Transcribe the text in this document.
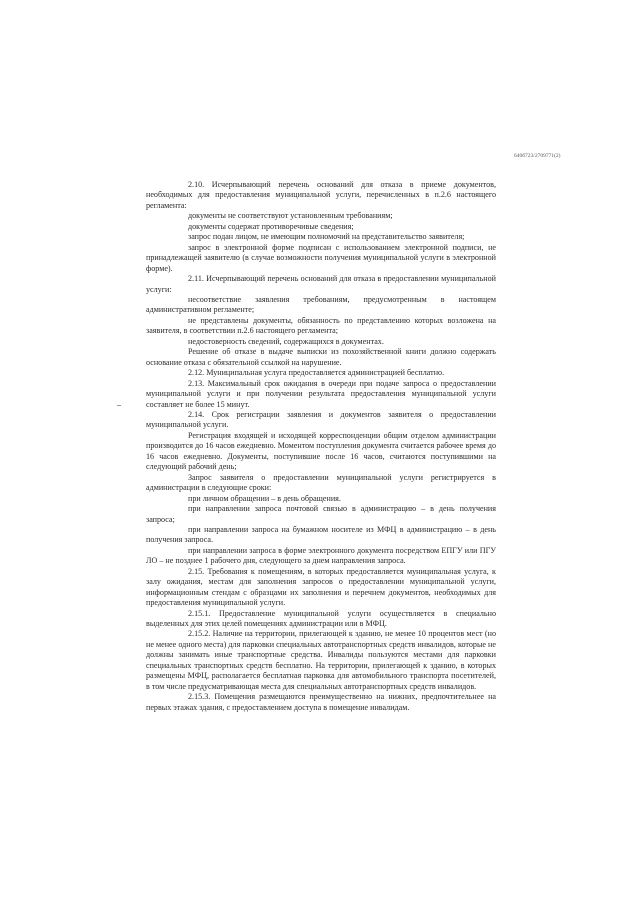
640б723/2709771(2)

2.10. Исчерпывающий перечень оснований для отказа в приеме документов, необходимых для предоставления муниципальной услуги, перечисленных в п.2.6 настоящего регламента:

документы не соответствуют установленным требованиям;

документы содержат противоречивые сведения;

запрос подан лицом, не имеющим полномочий на представительство заявителя;

запрос в электронной форме подписан с использованием электронной подписи, не принадлежащей заявителю (в случае возможности получения муниципальной услуги в электронной форме).

2.11. Исчерпывающий перечень оснований для отказа в предоставлении муниципальной услуги:

несоответствие заявления требованиям, предусмотренным в настоящем административном регламенте;

не представлены документы, обязанность по представлению которых возложена на заявителя, в соответствии п.2.6 настоящего регламента;

недостоверность сведений, содержащихся в документах.

Решение об отказе в выдаче выписки из похозяйственной книги должно содержать основание отказа с обязательной ссылкой на нарушение.

2.12. Муниципальная услуга предоставляется администрацией бесплатно.

2.13. Максимальный срок ожидания в очереди при подаче запроса о предоставлении муниципальной услуги и при получении результата предоставления муниципальной услуги составляет не более 15 минут.

2.14. Срок регистрации заявления и документов заявителя о предоставлении муниципальной услуги.

Регистрация входящей и исходящей корреспонденции общим отделом администрации производится до 16 часов ежедневно. Моментом поступления документа считается рабочее время до 16 часов ежедневно. Документы, поступившие после 16 часов, считаются поступившими на следующий рабочий день;

Запрос заявителя о предоставлении муниципальной услуги регистрируется в администрации в следующие сроки:

при личном обращении – в день обращения.

при направлении запроса почтовой связью в администрацию – в день получения запроса;

при направлении запроса на бумажном носителе из МФЦ в администрацию – в день получения запроса.

при направлении запроса в форме электронного документа посредством ЕПГУ или ПГУ ЛО – не позднее 1 рабочего дня, следующего за днем направления запроса.

2.15. Требования к помещениям, в которых предоставляется муниципальная услуга, к залу ожидания, местам для заполнения запросов о предоставлении муниципальной услуги, информационным стендам с образцами их заполнения и перечнем документов, необходимых для предоставления муниципальной услуги.

2.15.1. Предоставление муниципальной услуги осуществляется в специально выделенных для этих целей помещениях администрации или в МФЦ.

2.15.2. Наличие на территории, прилегающей к зданию, не менее 10 процентов мест (но не менее одного места) для парковки специальных автотранспортных средств инвалидов, которые не должны занимать иные транспортные средства. Инвалиды пользуются местами для парковки специальных транспортных средств бесплатно. На территории, прилегающей к зданию, в которых размещены МФЦ, располагается бесплатная парковка для автомобильного транспорта посетителей, в том числе предусматривающая места для специальных автотранспортных средств инвалидов.

2.15.3. Помещения размещаются преимущественно на нижних, предпочтительнее на первых этажах здания, с предоставлением доступа в помещение инвалидам.
